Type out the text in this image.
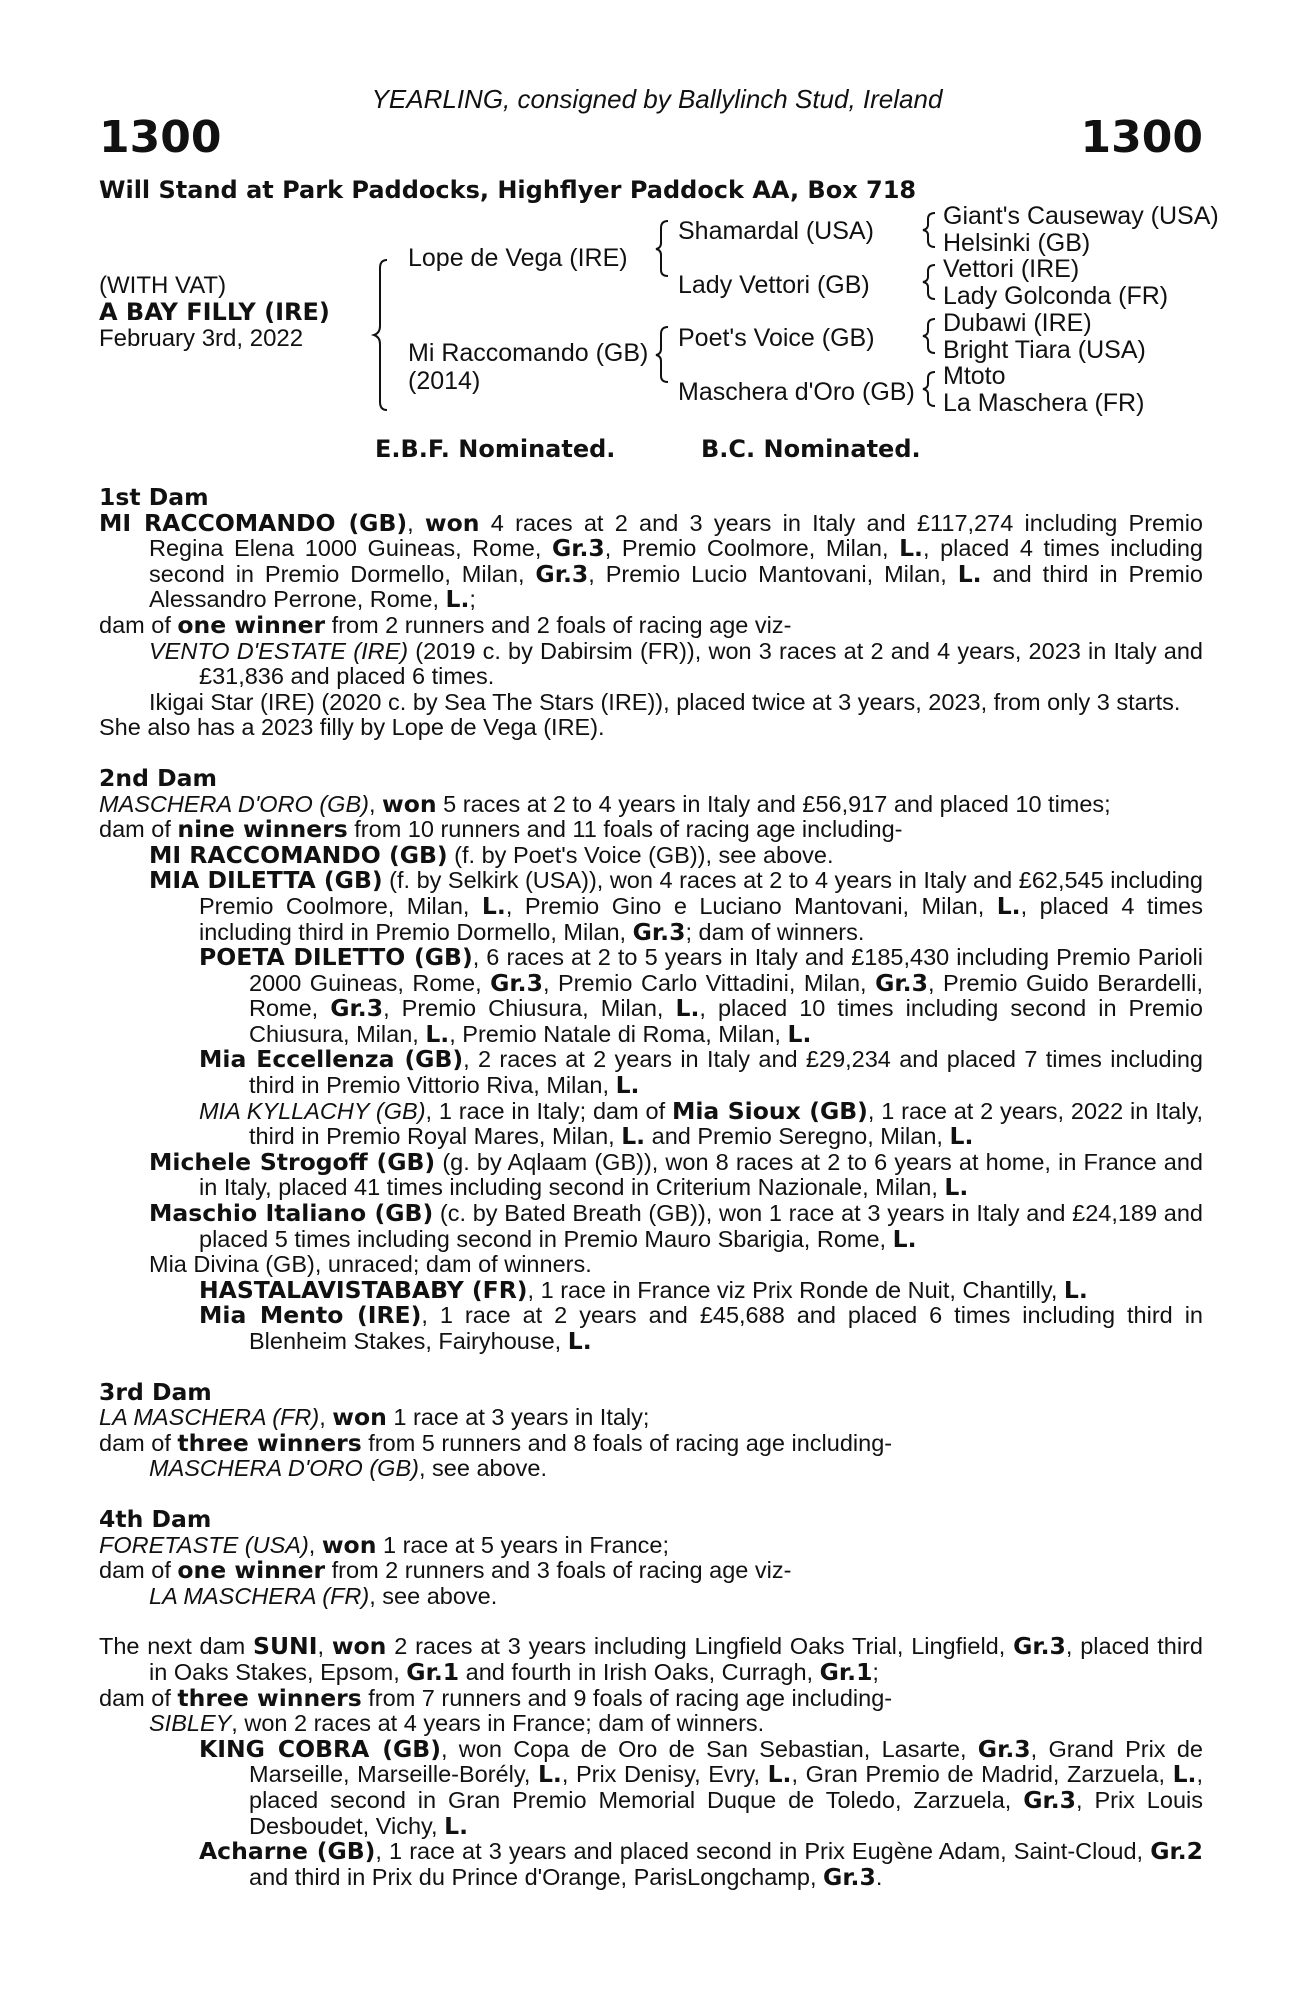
YEARLING, consigned by Ballylinch Stud, Ireland
1300	1300
Will Stand at Park Paddocks, Highflyer Paddock AA, Box 718
(WITH VAT)
A BAY FILLY (IRE)
February 3rd, 2022
Lope de Vega (IRE)
Mi Raccomando (GB)
(2014)
Shamardal (USA)
Lady Vettori (GB)
Poet's Voice (GB)
Maschera d'Oro (GB)
Giant's Causeway (USA)
Helsinki (GB)
Vettori (IRE)
Lady Golconda (FR)
Dubawi (IRE)
Bright Tiara (USA)
Mtoto
La Maschera (FR)
E.B.F. Nominated.	B.C. Nominated.
1st Dam
MI RACCOMANDO (GB), won 4 races at 2 and 3 years in Italy and £117,274 including Premio Regina Elena 1000 Guineas, Rome, Gr.3, Premio Coolmore, Milan, L., placed 4 times including second in Premio Dormello, Milan, Gr.3, Premio Lucio Mantovani, Milan, L. and third in Premio Alessandro Perrone, Rome, L.;
dam of one winner from 2 runners and 2 foals of racing age viz-
VENTO D'ESTATE (IRE) (2019 c. by Dabirsim (FR)), won 3 races at 2 and 4 years, 2023 in Italy and £31,836 and placed 6 times.
Ikigai Star (IRE) (2020 c. by Sea The Stars (IRE)), placed twice at 3 years, 2023, from only 3 starts.
She also has a 2023 filly by Lope de Vega (IRE).
2nd Dam
MASCHERA D'ORO (GB), won 5 races at 2 to 4 years in Italy and £56,917 and placed 10 times;
dam of nine winners from 10 runners and 11 foals of racing age including-
MI RACCOMANDO (GB) (f. by Poet's Voice (GB)), see above.
MIA DILETTA (GB) (f. by Selkirk (USA)), won 4 races at 2 to 4 years in Italy and £62,545 including Premio Coolmore, Milan, L., Premio Gino e Luciano Mantovani, Milan, L., placed 4 times including third in Premio Dormello, Milan, Gr.3; dam of winners.
POETA DILETTO (GB), 6 races at 2 to 5 years in Italy and £185,430 including Premio Parioli 2000 Guineas, Rome, Gr.3, Premio Carlo Vittadini, Milan, Gr.3, Premio Guido Berardelli, Rome, Gr.3, Premio Chiusura, Milan, L., placed 10 times including second in Premio Chiusura, Milan, L., Premio Natale di Roma, Milan, L.
Mia Eccellenza (GB), 2 races at 2 years in Italy and £29,234 and placed 7 times including third in Premio Vittorio Riva, Milan, L.
MIA KYLLACHY (GB), 1 race in Italy; dam of Mia Sioux (GB), 1 race at 2 years, 2022 in Italy, third in Premio Royal Mares, Milan, L. and Premio Seregno, Milan, L.
Michele Strogoff (GB) (g. by Aqlaam (GB)), won 8 races at 2 to 6 years at home, in France and in Italy, placed 41 times including second in Criterium Nazionale, Milan, L.
Maschio Italiano (GB) (c. by Bated Breath (GB)), won 1 race at 3 years in Italy and £24,189 and placed 5 times including second in Premio Mauro Sbarigia, Rome, L.
Mia Divina (GB), unraced; dam of winners.
HASTALAVISTABABY (FR), 1 race in France viz Prix Ronde de Nuit, Chantilly, L.
Mia Mento (IRE), 1 race at 2 years and £45,688 and placed 6 times including third in Blenheim Stakes, Fairyhouse, L.
3rd Dam
LA MASCHERA (FR), won 1 race at 3 years in Italy;
dam of three winners from 5 runners and 8 foals of racing age including-
MASCHERA D'ORO (GB), see above.
4th Dam
FORETASTE (USA), won 1 race at 5 years in France;
dam of one winner from 2 runners and 3 foals of racing age viz-
LA MASCHERA (FR), see above.
The next dam SUNI, won 2 races at 3 years including Lingfield Oaks Trial, Lingfield, Gr.3, placed third in Oaks Stakes, Epsom, Gr.1 and fourth in Irish Oaks, Curragh, Gr.1;
dam of three winners from 7 runners and 9 foals of racing age including-
SIBLEY, won 2 races at 4 years in France; dam of winners.
KING COBRA (GB), won Copa de Oro de San Sebastian, Lasarte, Gr.3, Grand Prix de Marseille, Marseille-Borély, L., Prix Denisy, Evry, L., Gran Premio de Madrid, Zarzuela, L., placed second in Gran Premio Memorial Duque de Toledo, Zarzuela, Gr.3, Prix Louis Desboudet, Vichy, L.
Acharne (GB), 1 race at 3 years and placed second in Prix Eugène Adam, Saint-Cloud, Gr.2 and third in Prix du Prince d'Orange, ParisLongchamp, Gr.3.
